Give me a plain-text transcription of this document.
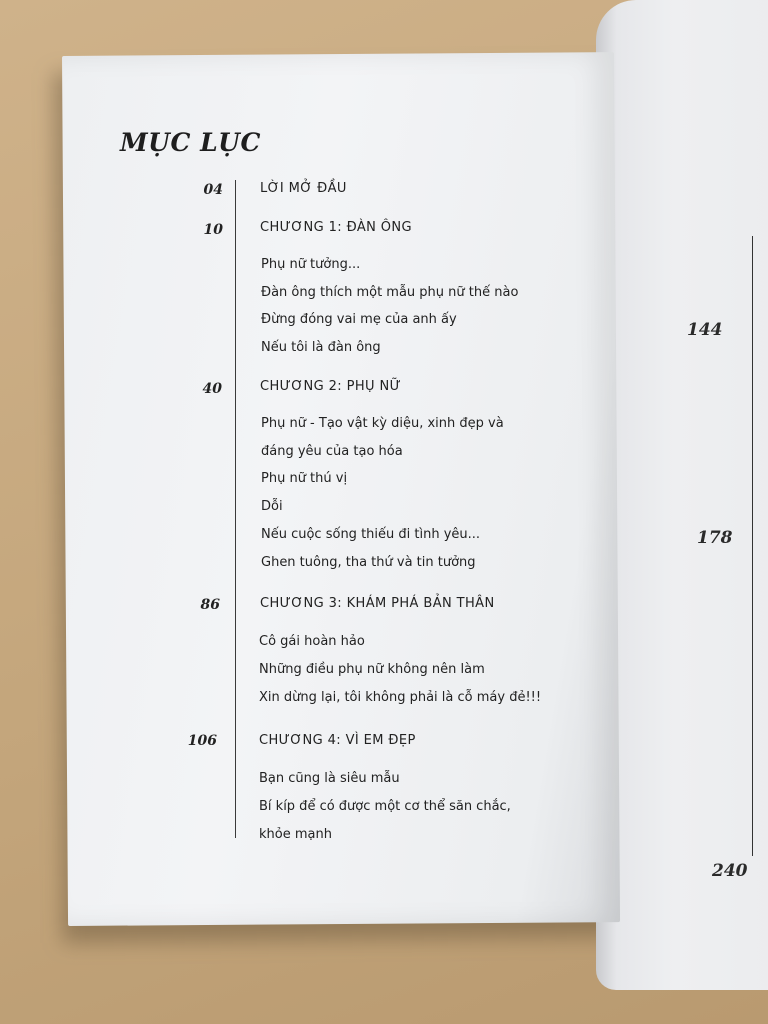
144
178
240
MỤC LỤC
04	LỜI MỞ ĐẦU
10	CHƯƠNG 1: ĐÀN ÔNG
Phụ nữ tưởng...
Đàn ông thích một mẫu phụ nữ thế nào
Đừng đóng vai mẹ của anh ấy
Nếu tôi là đàn ông
40	CHƯƠNG 2: PHỤ NỮ
Phụ nữ - Tạo vật kỳ diệu, xinh đẹp và
đáng yêu của tạo hóa
Phụ nữ thú vị
Dỗi
Nếu cuộc sống thiếu đi tình yêu...
Ghen tuông, tha thứ và tin tưởng
86	CHƯƠNG 3: KHÁM PHÁ BẢN THÂN
Cô gái hoàn hảo
Những điều phụ nữ không nên làm
Xin dừng lại, tôi không phải là cỗ máy đẻ!!!
106	CHƯƠNG 4: VÌ EM ĐẸP
Bạn cũng là siêu mẫu
Bí kíp để có được một cơ thể săn chắc,
khỏe mạnh
